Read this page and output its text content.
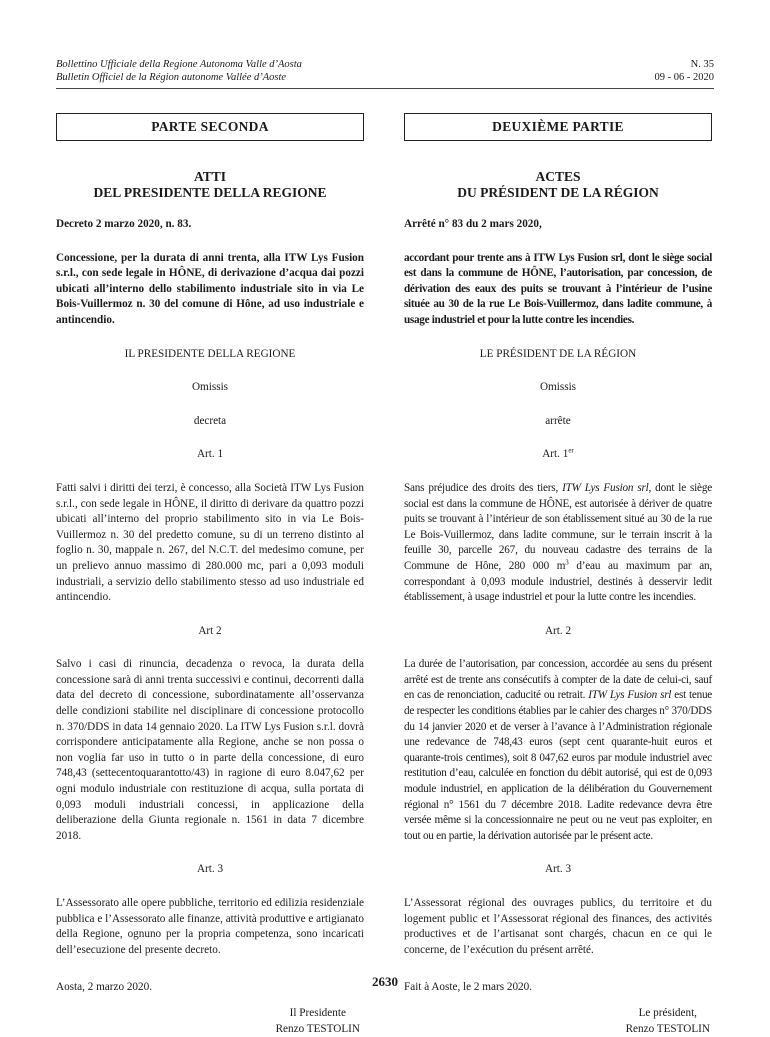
Bollettino Ufficiale della Regione Autonoma Valle d’Aosta
Bulletin Officiel de la Région autonome Vallée d’Aoste
N. 35
09 - 06 - 2020
PARTE SECONDA
ATTI
DEL PRESIDENTE DELLA REGIONE
Decreto 2 marzo 2020, n. 83.
Concessione, per la durata di anni trenta, alla ITW Lys Fusion s.r.l., con sede legale in HÔNE, di derivazione d’acqua dai pozzi ubicati all’interno dello stabilimento industriale sito in via Le Bois-Vuillermoz n. 30 del comune di Hône, ad uso industriale e antincendio.
IL PRESIDENTE DELLA REGIONE
Omissis
decreta
Art. 1
Fatti salvi i diritti dei terzi, è concesso, alla Società ITW Lys Fusion s.r.l., con sede legale in HÔNE, il diritto di derivare da quattro pozzi ubicati all’interno del proprio stabilimento sito in via Le Bois-Vuillermoz n. 30 del predetto comune, su di un terreno distinto al foglio n. 30, mappale n. 267, del N.C.T. del medesimo comune, per un prelievo annuo massimo di 280.000 mc, pari a 0,093 moduli industriali, a servizio dello stabilimento stesso ad uso industriale ed antincendio.
Art 2
Salvo i casi di rinuncia, decadenza o revoca, la durata della concessione sarà di anni trenta successivi e continui, decorrenti dalla data del decreto di concessione, subordinatamente all’osservanza delle condizioni stabilite nel disciplinare di concessione protocollo n. 370/DDS in data 14 gennaio 2020. La ITW Lys Fusion s.r.l. dovrà corrispondere anticipatamente alla Regione, anche se non possa o non voglia far uso in tutto o in parte della concessione, di euro 748,43 (settecentoquarantotto/43) in ragione di euro 8.047,62 per ogni modulo industriale con restituzione di acqua, sulla portata di 0,093 moduli industriali concessi, in applicazione della deliberazione della Giunta regionale n. 1561 in data 7 dicembre 2018.
Art. 3
L’Assessorato alle opere pubbliche, territorio ed edilizia residenziale pubblica e l’Assessorato alle finanze, attività produttive e artigianato della Regione, ognuno per la propria competenza, sono incaricati dell’esecuzione del presente decreto.
Aosta, 2 marzo 2020.
Il Presidente
Renzo TESTOLIN
DEUXIÈME PARTIE
ACTES
DU PRÉSIDENT DE LA RÉGION
Arrêté n° 83 du 2 mars 2020,
accordant pour trente ans à ITW Lys Fusion srl, dont le siège social est dans la commune de HÔNE, l’autorisation, par concession, de dérivation des eaux des puits se trouvant à l’intérieur de l’usine située au 30 de la rue Le Bois-Vuillermoz, dans ladite commune, à usage industriel et pour la lutte contre les incendies.
LE PRÉSIDENT DE LA RÉGION
Omissis
arrête
Art. 1er
Sans préjudice des droits des tiers, ITW Lys Fusion srl, dont le siège social est dans la commune de HÔNE, est autorisée à dériver de quatre puits se trouvant à l’intérieur de son établissement situé au 30 de la rue Le Bois-Vuillermoz, dans ladite commune, sur le terrain inscrit à la feuille 30, parcelle 267, du nouveau cadastre des terrains de la Commune de Hône, 280 000 $m^3$ d’eau au maximum par an, correspondant à 0,093 module industriel, destinés à desservir ledit établissement, à usage industriel et pour la lutte contre les incendies.
Art. 2
La durée de l’autorisation, par concession, accordée au sens du présent arrêté est de trente ans consécutifs à compter de la date de celui-ci, sauf en cas de renonciation, caducité ou retrait. ITW Lys Fusion srl est tenue de respecter les conditions établies par le cahier des charges n° 370/DDS du 14 janvier 2020 et de verser à l’avance à l’Administration régionale une redevance de 748,43 euros (sept cent quarante-huit euros et quarante-trois centimes), soit 8 047,62 euros par module industriel avec restitution d’eau, calculée en fonction du débit autorisé, qui est de 0,093 module industriel, en application de la délibération du Gouvernement régional n° 1561 du 7 décembre 2018. Ladite redevance devra être versée même si la concessionnaire ne peut ou ne veut pas exploiter, en tout ou en partie, la dérivation autorisée par le présent acte.
Art. 3
L’Assessorat régional des ouvrages publics, du territoire et du logement public et l’Assessorat régional des finances, des activités productives et de l’artisanat sont chargés, chacun en ce qui le concerne, de l’exécution du présent arrêté.
Fait à Aoste, le 2 mars 2020.
Le président,
Renzo TESTOLIN
2630
